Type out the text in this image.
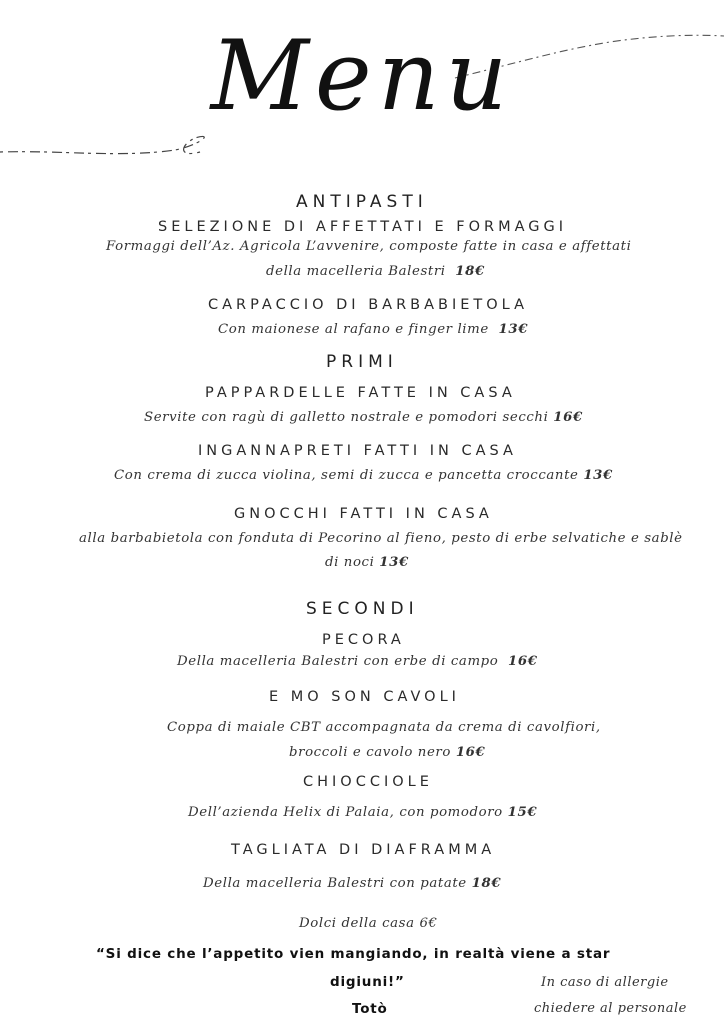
Menu
ANTIPASTI
SELEZIONE DI AFFETTATI E FORMAGGI
Formaggi dell’Az. Agricola L’avvenire, composte fatte in casa e affettati
della macelleria Balestri 18€
CARPACCIO DI BARBABIETOLA
Con maionese al rafano e finger lime 13€
PRIMI
PAPPARDELLE FATTE IN CASA
Servite con ragù di galletto nostrale e pomodori secchi 16€
INGANNAPRETI FATTI IN CASA
Con crema di zucca violina, semi di zucca e pancetta croccante 13€
GNOCCHI FATTI IN CASA
alla barbabietola con fonduta di Pecorino al fieno, pesto di erbe selvatiche e sablè
di noci 13€
SECONDI
PECORA
Della macelleria Balestri con erbe di campo 16€
E MO SON CAVOLI
Coppa di maiale CBT accompagnata da crema di cavolfiori,
broccoli e cavolo nero 16€
CHIOCCIOLE
Dell’azienda Helix di Palaia, con pomodoro 15€
TAGLIATA DI DIAFRAMMA
Della macelleria Balestri con patate 18€
Dolci della casa 6€
“Si dice che l’appetito vien mangiando, in realtà viene a star
digiuni!”
Totò
In caso di allergie
chiedere al personale
